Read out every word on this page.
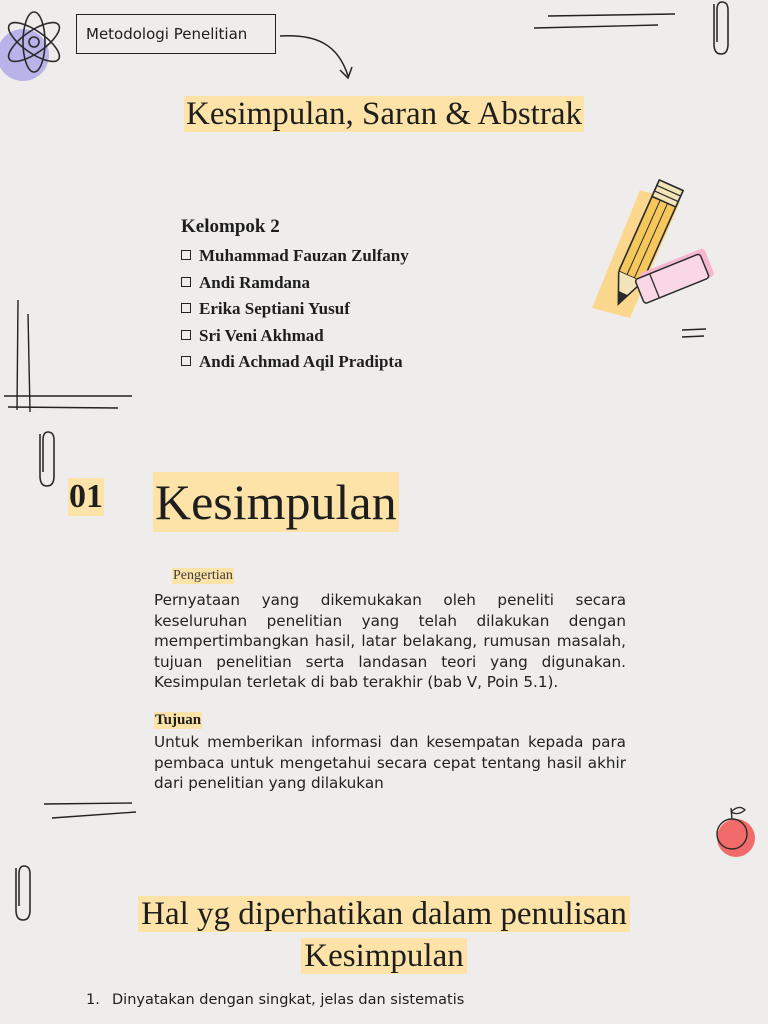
Metodologi Penelitian
Kesimpulan, Saran & Abstrak
Kelompok 2
Muhammad Fauzan Zulfany
Andi Ramdana
Erika Septiani Yusuf
Sri Veni Akhmad
Andi Achmad Aqil Pradipta
01 Kesimpulan
Pengertian
Pernyataan yang dikemukakan oleh peneliti secara keseluruhan penelitian yang telah dilakukan dengan mempertimbangkan hasil, latar belakang, rumusan masalah, tujuan penelitian serta landasan teori yang digunakan. Kesimpulan terletak di bab terakhir (bab V, Poin 5.1).
Tujuan
Untuk memberikan informasi dan kesempatan kepada para pembaca untuk mengetahui secara cepat tentang hasil akhir dari penelitian yang dilakukan
Hal yg diperhatikan dalam penulisan
Kesimpulan
1. Dinyatakan dengan singkat, jelas dan sistematis
